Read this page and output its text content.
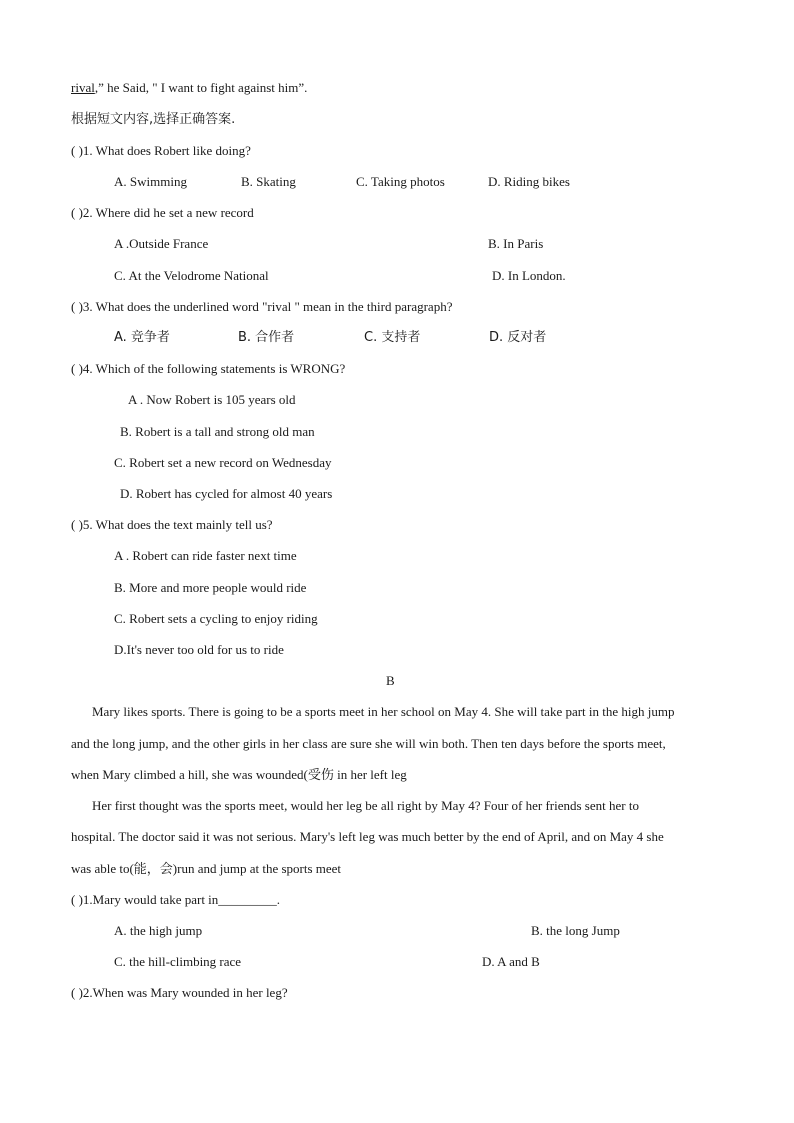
rival,” he Said, " I want to fight against him”.
根据短文内容,选择正确答案.
( )1. What does Robert like doing?
A. Swimming	B. Skating	C. Taking photos	D. Riding bikes
( )2. Where did he set a new record
A .Outside France	B. In Paris
C. At the Velodrome National	D. In London.
( )3. What does the underlined word "rival " mean in the third paragraph?
A. 竞争者	B. 合作者	C. 支持者	D. 反对者
( )4. Which of the following statements is WRONG?
A . Now Robert is 105 years old
B. Robert is a tall and strong old man
C. Robert set a new record on Wednesday
D. Robert has cycled for almost 40 years
( )5. What does the text mainly tell us?
A . Robert can ride faster next time
B. More and more people would ride
C. Robert sets a cycling to enjoy riding
D.It's never too old for us to ride
B
Mary likes sports. There is going to be a sports meet in her school on May 4. She will take part in the high jump
and the long jump, and the other girls in her class are sure she will win both. Then ten days before the sports meet,
when Mary climbed a hill, she was wounded(受伤 in her left leg
Her first thought was the sports meet, would her leg be all right by May 4? Four of her friends sent her to
hospital. The doctor said it was not serious. Mary's left leg was much better by the end of April, and on May 4 she
was able to(能，会)run and jump at the sports meet
( )1.Mary would take part in_________.
A. the high jump	B. the long Jump
C. the hill-climbing race	D. A and B
( )2.When was Mary wounded in her leg?
